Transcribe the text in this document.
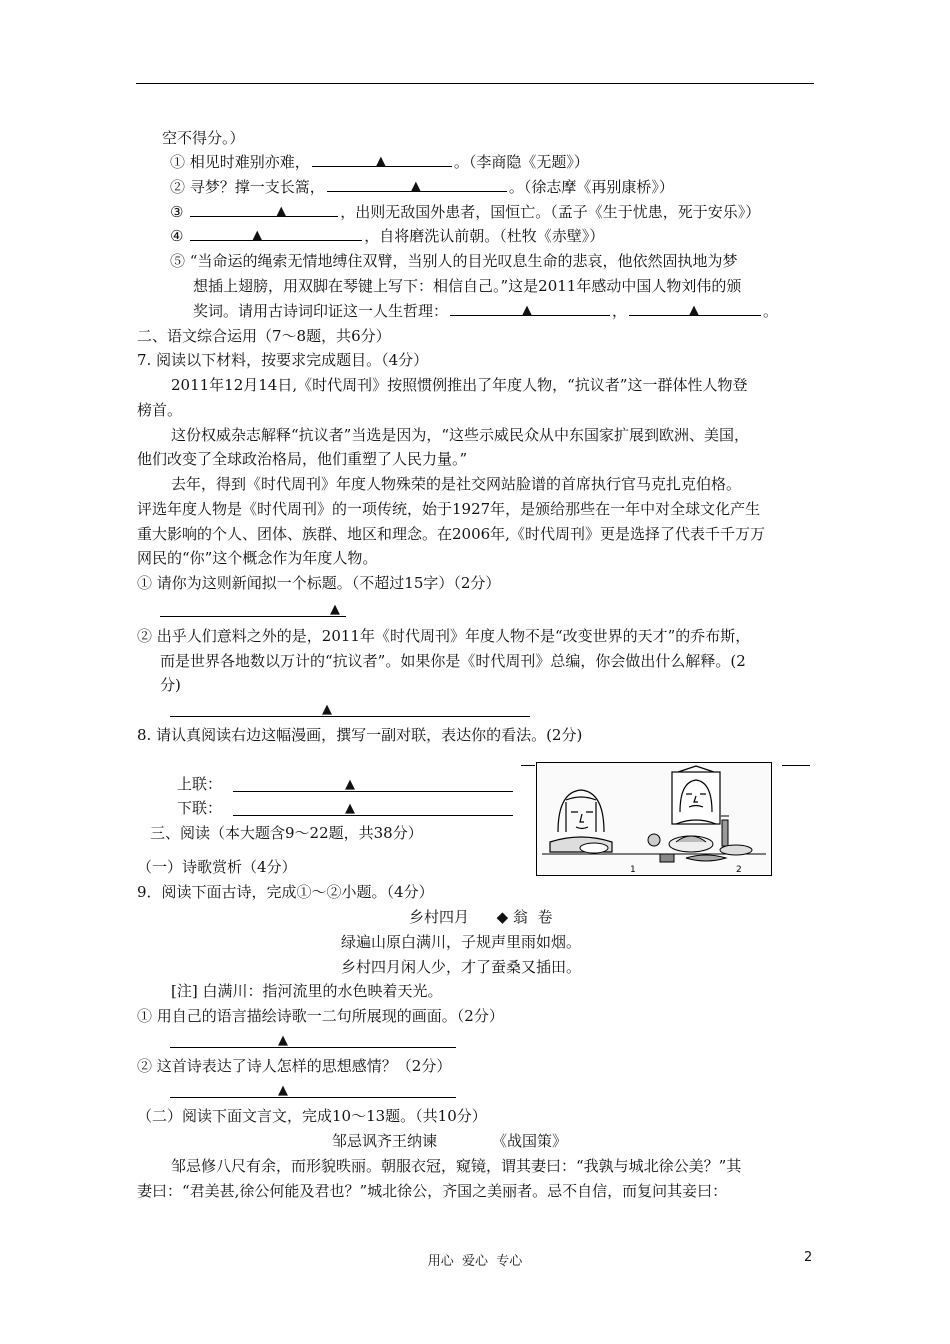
空不得分。）
① 相见时难别亦难，	▲	。（李商隐《无题》）
② 寻梦？撑一支长篙，	▲	。（徐志摩《再别康桥》）
③	▲	，出则无敌国外患者，国恒亡。（孟子《生于忧患，死于安乐》）
④	▲	，自将磨洗认前朝。（杜牧《赤壁》）
⑤ “当命运的绳索无情地缚住双臂，当别人的目光叹息生命的悲哀，他依然固执地为梦
想插上翅膀，用双脚在琴键上写下：相信自己。”这是2011年感动中国人物刘伟的颁
奖词。请用古诗词印证这一人生哲理：	▲	，	▲	。
二、语文综合运用（7～8题，共6分）
7. 阅读以下材料，按要求完成题目。（4分）
2011年12月14日,《时代周刊》按照惯例推出了年度人物，“抗议者”这一群体性人物登
榜首。
这份权威杂志解释“抗议者”当选是因为，“这些示威民众从中东国家扩展到欧洲、美国，
他们改变了全球政治格局，他们重塑了人民力量。”
去年，得到《时代周刊》年度人物殊荣的是社交网站脸谱的首席执行官马克扎克伯格。
评选年度人物是《时代周刊》的一项传统，始于1927年，是颁给那些在一年中对全球文化产生
重大影响的个人、团体、族群、地区和理念。在2006年,《时代周刊》更是选择了代表千千万万
网民的“你”这个概念作为年度人物。
① 请你为这则新闻拟一个标题。（不超过15字）（2分）
▲
② 出乎人们意料之外的是，2011年《时代周刊》年度人物不是“改变世界的天才”的乔布斯，
而是世界各地数以万计的“抗议者”。如果你是《时代周刊》总编，你会做出什么解释。(2
分)
▲
8. 请认真阅读右边这幅漫画，撰写一副对联，表达你的看法。(2分)
上联：	▲
下联：	▲
1	2
三、阅读（本大题含9～22题，共38分）
（一）诗歌赏析（4分）
9．阅读下面古诗，完成①～②小题。（4分）
乡村四月 ◆ 翁  卷
绿遍山原白满川，子规声里雨如烟。
乡村四月闲人少，才了蚕桑又插田。
[注] 白满川：指河流里的水色映着天光。
① 用自己的语言描绘诗歌一二句所展现的画面。（2分）
▲
② 这首诗表达了诗人怎样的思想感情？（2分）
▲
（二）阅读下面文言文，完成10～13题。（共10分）
邹忌讽齐王纳谏	《战国策》
邹忌修八尺有余，而形貌昳丽。朝服衣冠，窥镜，谓其妻曰：“我孰与城北徐公美？”其
妻曰：“君美甚,徐公何能及君也？”城北徐公，齐国之美丽者。忌不自信，而复问其妾曰：
用心  爱心  专心	2
